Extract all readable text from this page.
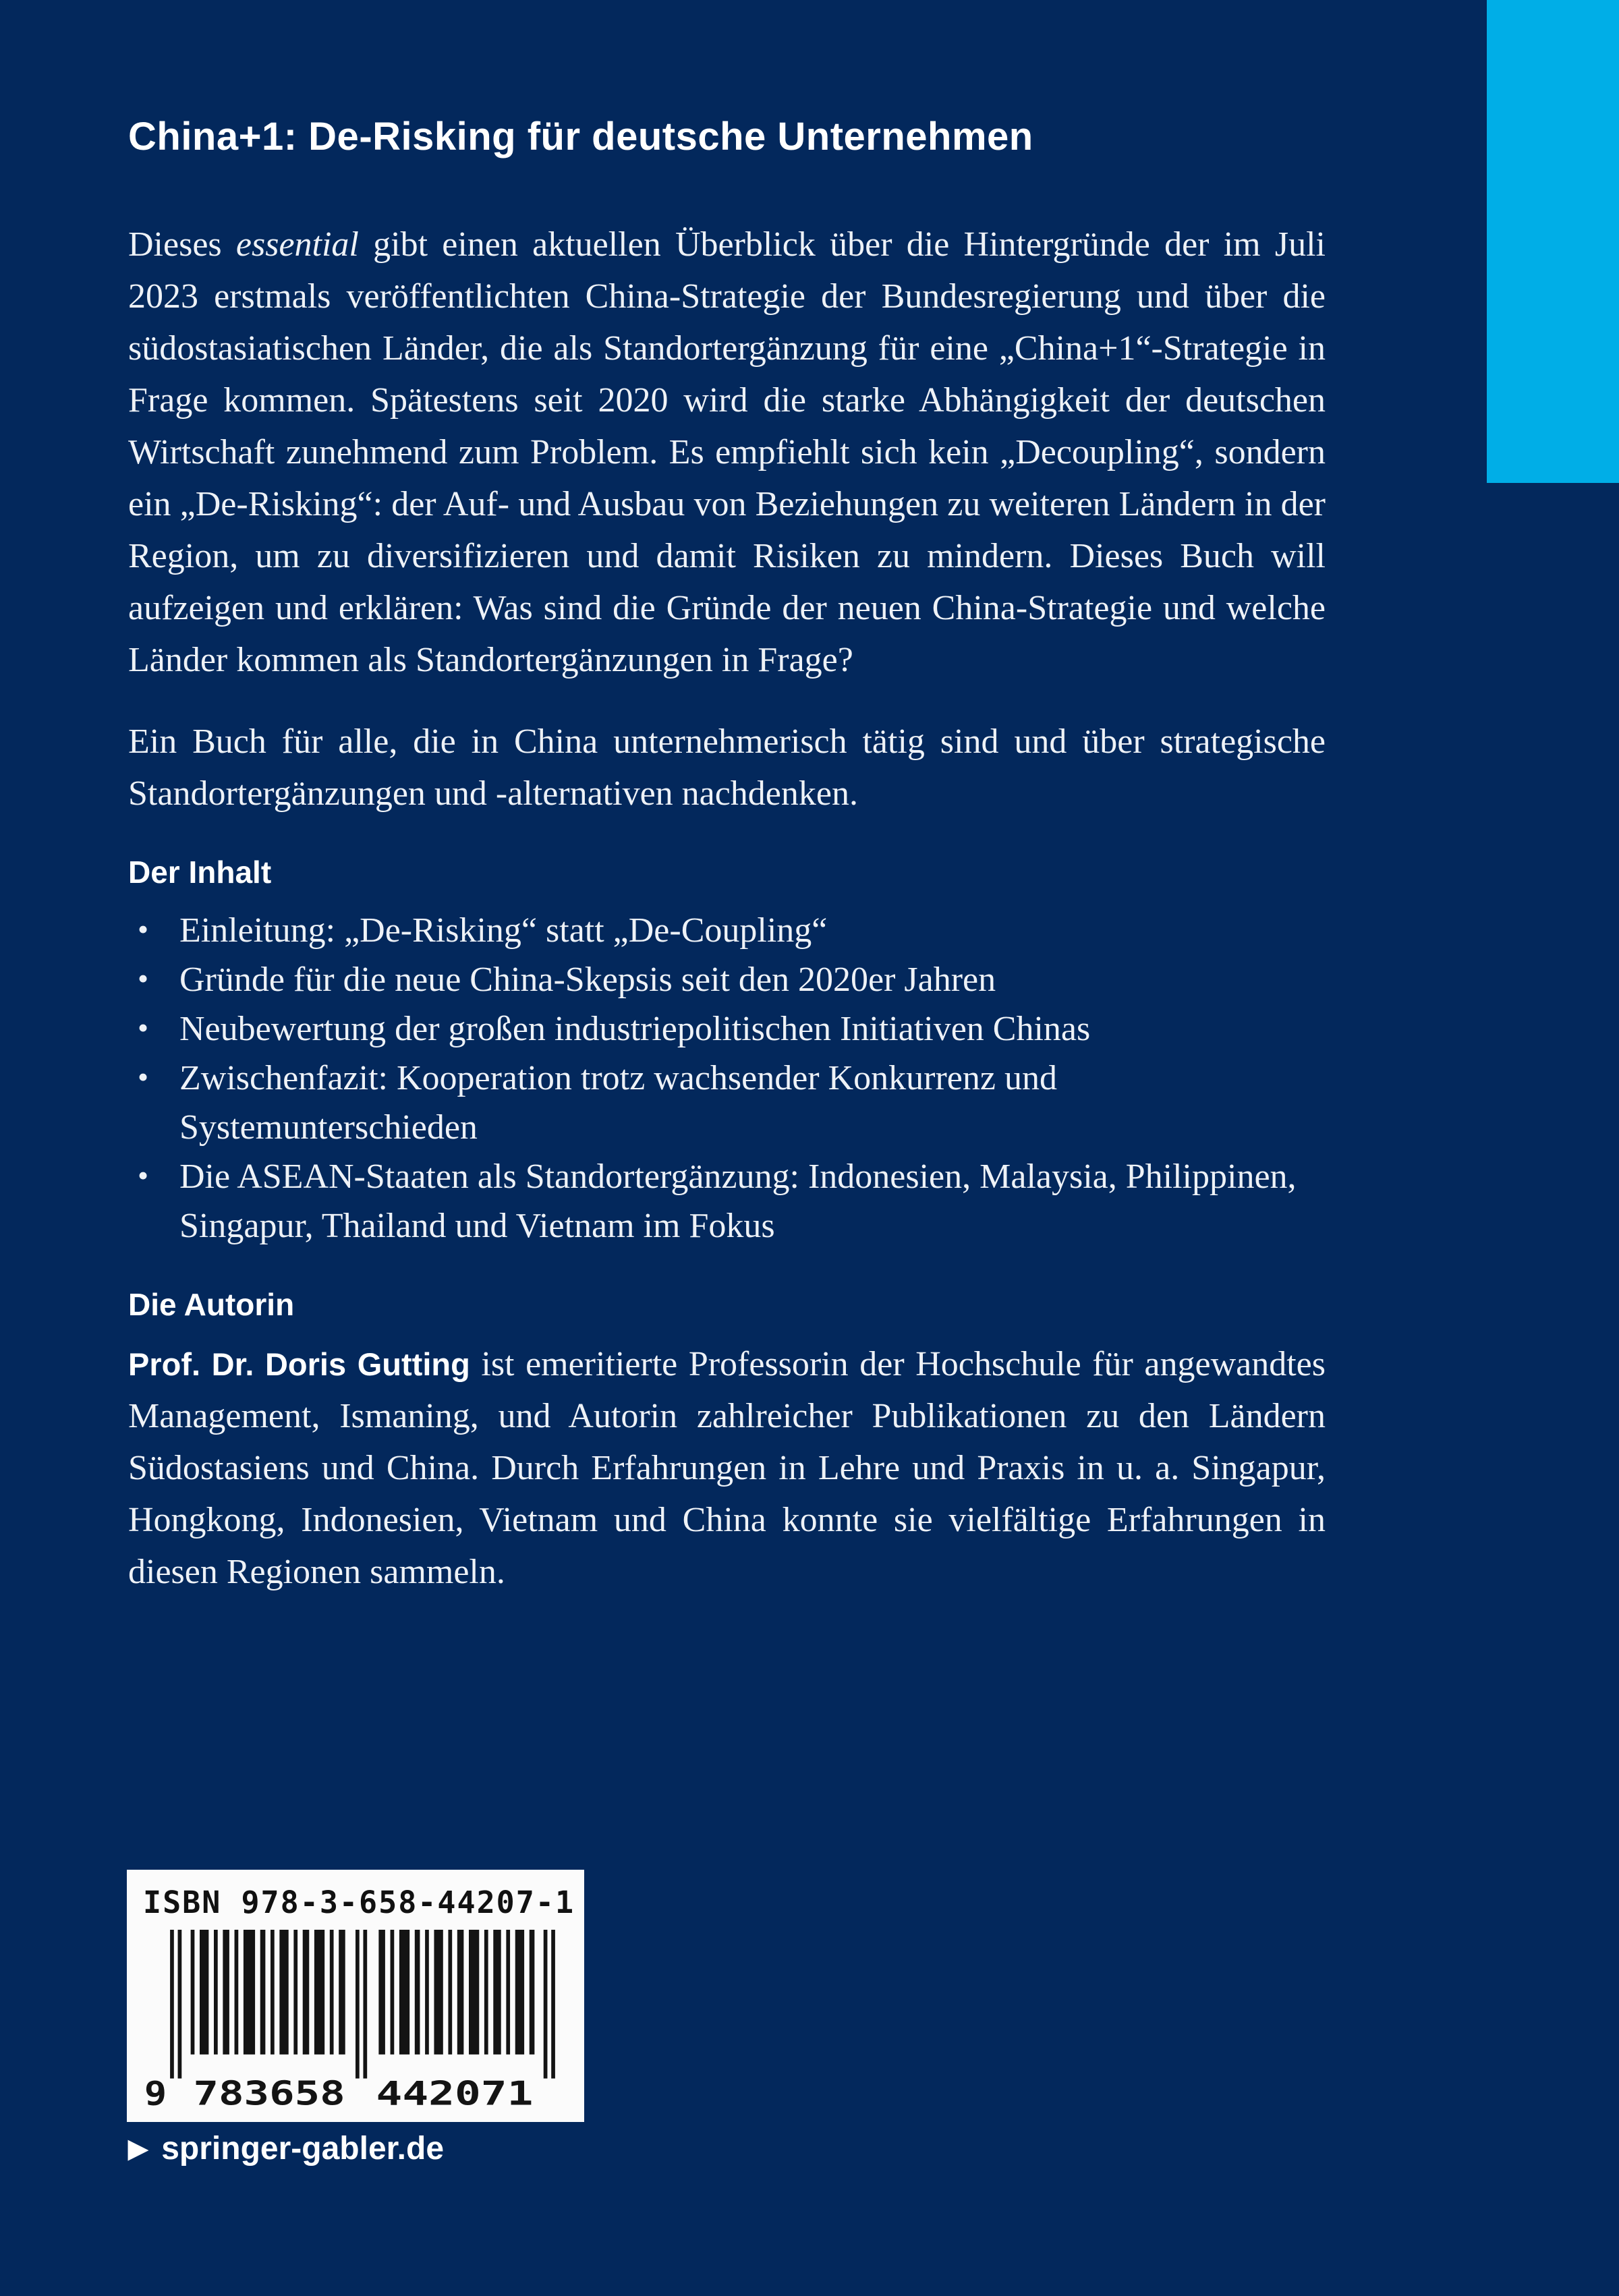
China+1: De-Risking für deutsche Unternehmen

Dieses essential gibt einen aktuellen Überblick über die Hintergründe der im Juli 2023 erstmals veröffentlichten China-Strategie der Bundesregierung und über die südostasiatischen Länder, die als Standortergänzung für eine „China+1“-Strategie in Frage kommen. Spätestens seit 2020 wird die starke Abhängigkeit der deutschen Wirtschaft zunehmend zum Problem. Es empfiehlt sich kein „Decoupling“, sondern ein „De-Risking“: der Auf- und Ausbau von Beziehungen zu weiteren Ländern in der Region, um zu diversifizieren und damit Risiken zu mindern. Dieses Buch will aufzeigen und erklären: Was sind die Gründe der neuen China-Strategie und welche Länder kommen als Standortergänzungen in Frage?

Ein Buch für alle, die in China unternehmerisch tätig sind und über strategische Standortergänzungen und -alternativen nachdenken.

Der Inhalt
• Einleitung: „De-Risking“ statt „De-Coupling“
• Gründe für die neue China-Skepsis seit den 2020er Jahren
• Neubewertung der großen industriepolitischen Initiativen Chinas
• Zwischenfazit: Kooperation trotz wachsender Konkurrenz und Systemunterschieden
• Die ASEAN-Staaten als Standortergänzung: Indonesien, Malaysia, Philippinen, Singapur, Thailand und Vietnam im Fokus
Die Autorin

Prof. Dr. Doris Gutting ist emeritierte Professorin der Hochschule für angewandtes Management, Ismaning, und Autorin zahlreicher Publikationen zu den Ländern Südostasiens und China. Durch Erfahrungen in Lehre und Praxis in u. a. Singapur, Hongkong, Indonesien, Vietnam und China konnte sie vielfältige Erfahrungen in diesen Regionen sammeln.

ISBN 978-3-658-44207-1
9 783658 442071
▶ springer-gabler.de
